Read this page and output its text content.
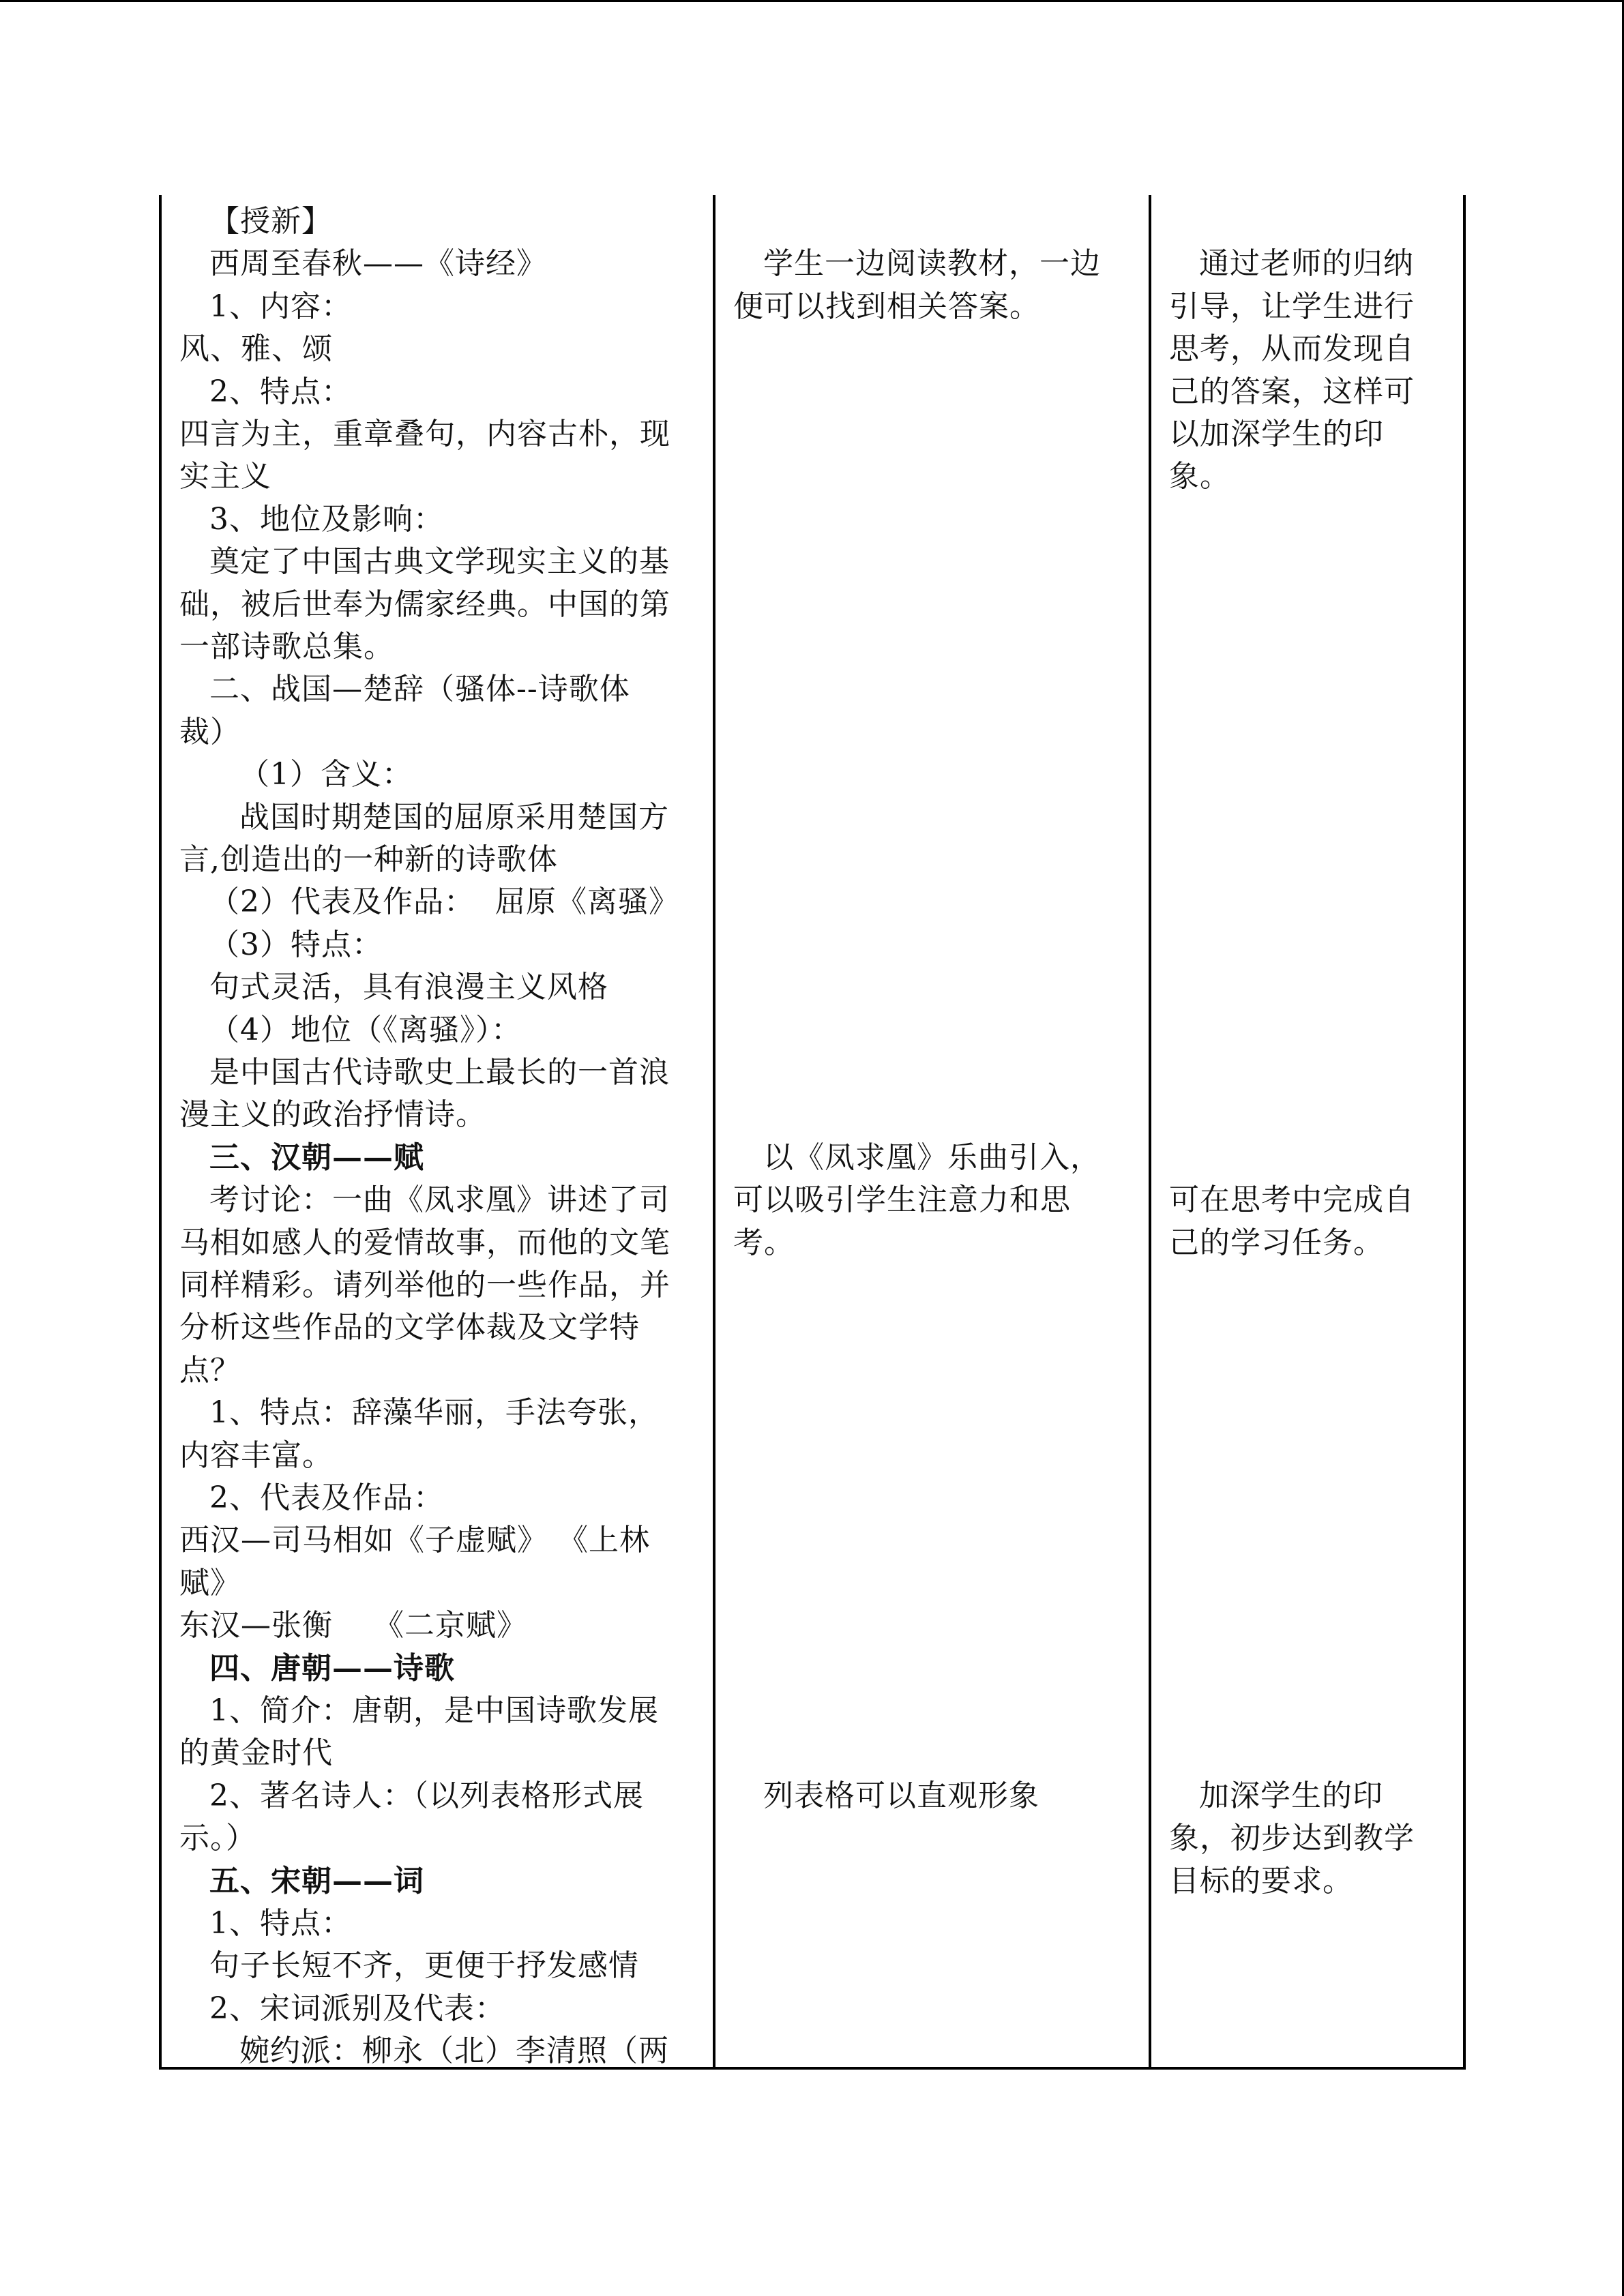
【授新】
西周至春秋——《诗经》
1、内容：
风、雅、颂
2、特点：
四言为主，重章叠句，内容古朴，现
实主义
3、地位及影响：
奠定了中国古典文学现实主义的基
础，被后世奉为儒家经典。中国的第
一部诗歌总集。
二、战国—楚辞（骚体--诗歌体
裁）
（1）含义：
战国时期楚国的屈原采用楚国方
言,创造出的一种新的诗歌体
（2）代表及作品：  屈原《离骚》
（3）特点：
句式灵活，具有浪漫主义风格
（4）地位（《离骚》）：
是中国古代诗歌史上最长的一首浪
漫主义的政治抒情诗。
三、汉朝——赋
考讨论：一曲《凤求凰》讲述了司
马相如感人的爱情故事，而他的文笔
同样精彩。请列举他的一些作品，并
分析这些作品的文学体裁及文学特
点？
1、特点：辞藻华丽，手法夸张，
内容丰富。
2、代表及作品：
西汉—司马相如《子虚赋》 《上林
赋》
东汉—张衡    《二京赋》
四、唐朝——诗歌
1、简介：唐朝，是中国诗歌发展
的黄金时代
2、著名诗人：（以列表格形式展
示。）
五、宋朝——词
1、特点：
句子长短不齐，更便于抒发感情
2、宋词派别及代表：
婉约派：柳永（北）李清照（两
学生一边阅读教材，一边
便可以找到相关答案。
以《凤求凰》乐曲引入，
可以吸引学生注意力和思
考。
列表格可以直观形象
通过老师的归纳
引导，让学生进行
思考，从而发现自
己的答案，这样可
以加深学生的印
象。
可在思考中完成自
己的学习任务。
加深学生的印
象，初步达到教学
目标的要求。
